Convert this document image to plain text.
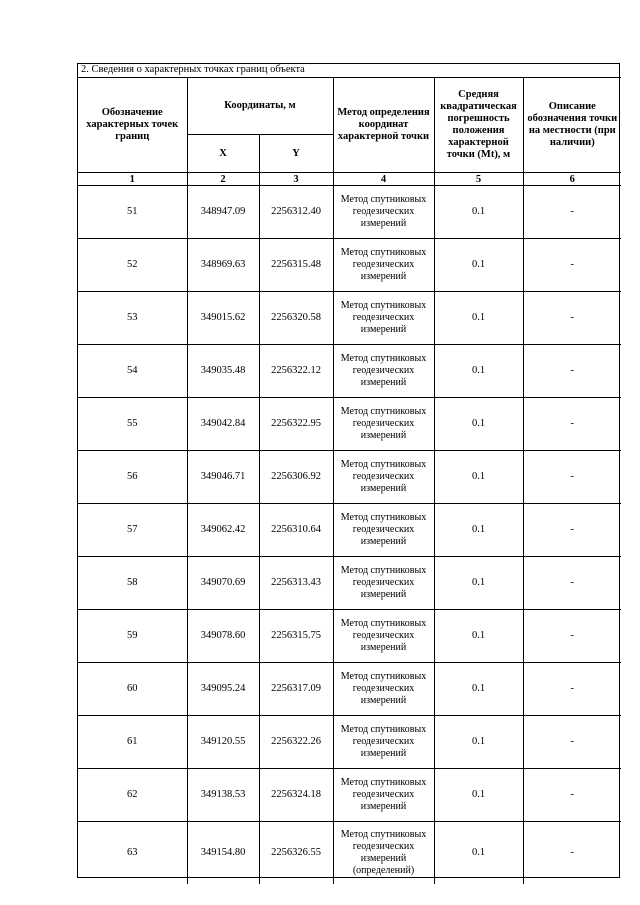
2. Сведения о характерных точках границ объекта					
Обозначение характерных точек границ	Координаты, м		Метод определения координат характерной точки	Средняя квадратическая погрешность положения характерной точки (Mt), м	Описание обозначения точки на местности (при наличии)
	X	Y			
1	2	3	4	5	6
51	348947.09	2256312.40	Метод спутниковых геодезических измерений	0.1	-
52	348969.63	2256315.48	Метод спутниковых геодезических измерений	0.1	-
53	349015.62	2256320.58	Метод спутниковых геодезических измерений	0.1	-
54	349035.48	2256322.12	Метод спутниковых геодезических измерений	0.1	-
55	349042.84	2256322.95	Метод спутниковых геодезических измерений	0.1	-
56	349046.71	2256306.92	Метод спутниковых геодезических измерений	0.1	-
57	349062.42	2256310.64	Метод спутниковых геодезических измерений	0.1	-
58	349070.69	2256313.43	Метод спутниковых геодезических измерений	0.1	-
59	349078.60	2256315.75	Метод спутниковых геодезических измерений	0.1	-
60	349095.24	2256317.09	Метод спутниковых геодезических измерений	0.1	-
61	349120.55	2256322.26	Метод спутниковых геодезических измерений	0.1	-
62	349138.53	2256324.18	Метод спутниковых геодезических измерений	0.1	-
63	349154.80	2256326.55	Метод спутниковых геодезических измерений (определений)	0.1	-
